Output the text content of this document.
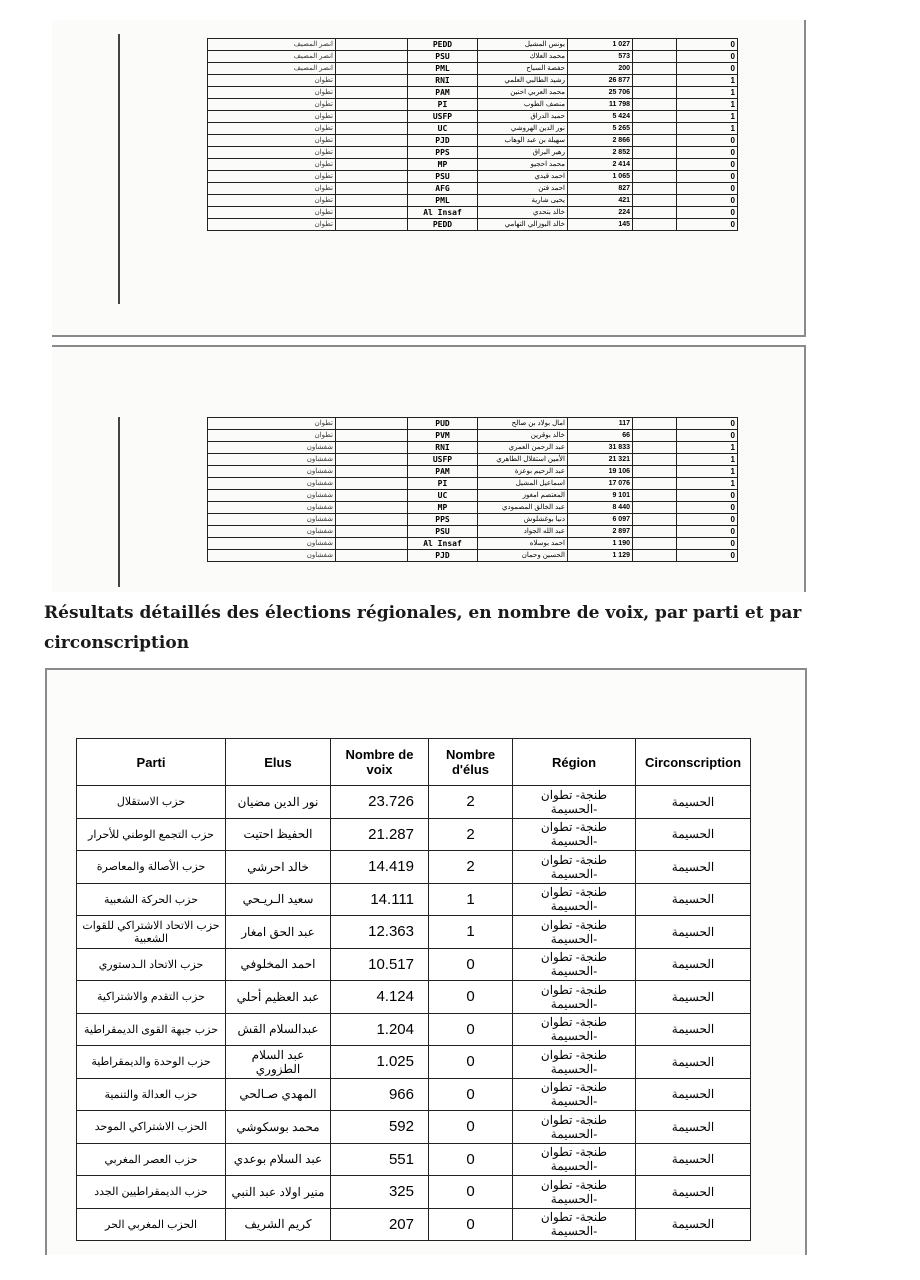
انصر المصيف		PEDD	يونس المشيل	1 027		0
انصر المصيف		PSU	محمد العلاك	573		0
انصر المصيف		PML	حفصة السباح	200		0
تطوان		RNI	رشيد الطالبي العلمي	26 877		1
تطوان		PAM	محمد العربي احنين	25 706		1
تطوان		PI	منصف الطوب	11 798		1
تطوان		USFP	حميد الدراق	5 424		1
تطوان		UC	نور الدين الهروشي	5 265		1
تطوان		PJD	سهيلة بن عبد الوهاب	2 866		0
تطوان		PPS	رهير البراق	2 852		0
تطوان		MP	محمد احجيو	2 414		0
تطوان		PSU	احمد قيدي	1 065		0
تطوان		AFG	احمد فتن	827		0
تطوان		PML	يحيى شارية	421		0
تطوان		Al Insaf	خالد بنحدي	224		0
تطوان		PEDD	خالد البوزالي التهامي	145		0
تطوان		PUD	امال بولاد بن صالح	117		0
تطوان		PVM	خالد بوقرين	66		0
شفشاون		RNI	عبد الرحمن العمري	31 833		1
شفشاون		USFP	الأمين استقلال الطاهري	21 321		1
شفشاون		PAM	عبد الرحيم بوعزة	19 106		1
شفشاون		PI	اسماعيل المشيل	17 076		1
شفشاون		UC	المعتصم امغوز	9 101		0
شفشاون		MP	عبد الخالق المصمودي	8 440		0
شفشاون		PPS	دنيا بوغشلوش	6 097		0
شفشاون		PSU	عبد الله الجواد	2 897		0
شفشاون		Al Insaf	احمد بوسلاه	1 190		0
شفشاون		PJD	الحسين وحمان	1 129		0

Résultats détaillés des élections régionales, en nombre de voix, par parti et par circonscription

Parti	Elus	Nombre de voix	Nombre d'élus	Région	Circonscription
حزب الاستقلال	نور الدين مضيان	23.726	2	طنجة- تطوان -الحسيمة	الحسيمة
حزب التجمع الوطني للأحرار	الحفيظ احتيت	21.287	2	طنجة- تطوان -الحسيمة	الحسيمة
حزب الأصالة والمعاصرة	خالد احرشي	14.419	2	طنجة- تطوان -الحسيمة	الحسيمة
حزب الحركة الشعبية	سعيد الـريـحي	14.111	1	طنجة- تطوان -الحسيمة	الحسيمة
حزب الاتحاد الاشتراكي للقوات الشعبية	عبد الحق امغار	12.363	1	طنجة- تطوان -الحسيمة	الحسيمة
حزب الاتحاد الـدستوري	احمد المخلوفي	10.517	0	طنجة- تطوان -الحسيمة	الحسيمة
حزب التقدم والاشتراكية	عبد العظيم أحلي	4.124	0	طنجة- تطوان -الحسيمة	الحسيمة
حزب جبهة القوى الديمقراطية	عبدالسلام القش	1.204	0	طنجة- تطوان -الحسيمة	الحسيمة
حزب الوحدة والديمقراطية	عبد السلام الطزوري	1.025	0	طنجة- تطوان -الحسيمة	الحسيمة
حزب العدالة والتنمية	المهدي صـالحي	966	0	طنجة- تطوان -الحسيمة	الحسيمة
الحزب الاشتراكي الموحد	محمد بوسكوشي	592	0	طنجة- تطوان -الحسيمة	الحسيمة
حزب العصر المغربي	عبد السلام بوعدي	551	0	طنجة- تطوان -الحسيمة	الحسيمة
حزب الديمقراطيين الجدد	منير اولاد عبد النبي	325	0	طنجة- تطوان -الحسيمة	الحسيمة
الحزب المغربي الحر	كريم الشريف	207	0	طنجة- تطوان -الحسيمة	الحسيمة
